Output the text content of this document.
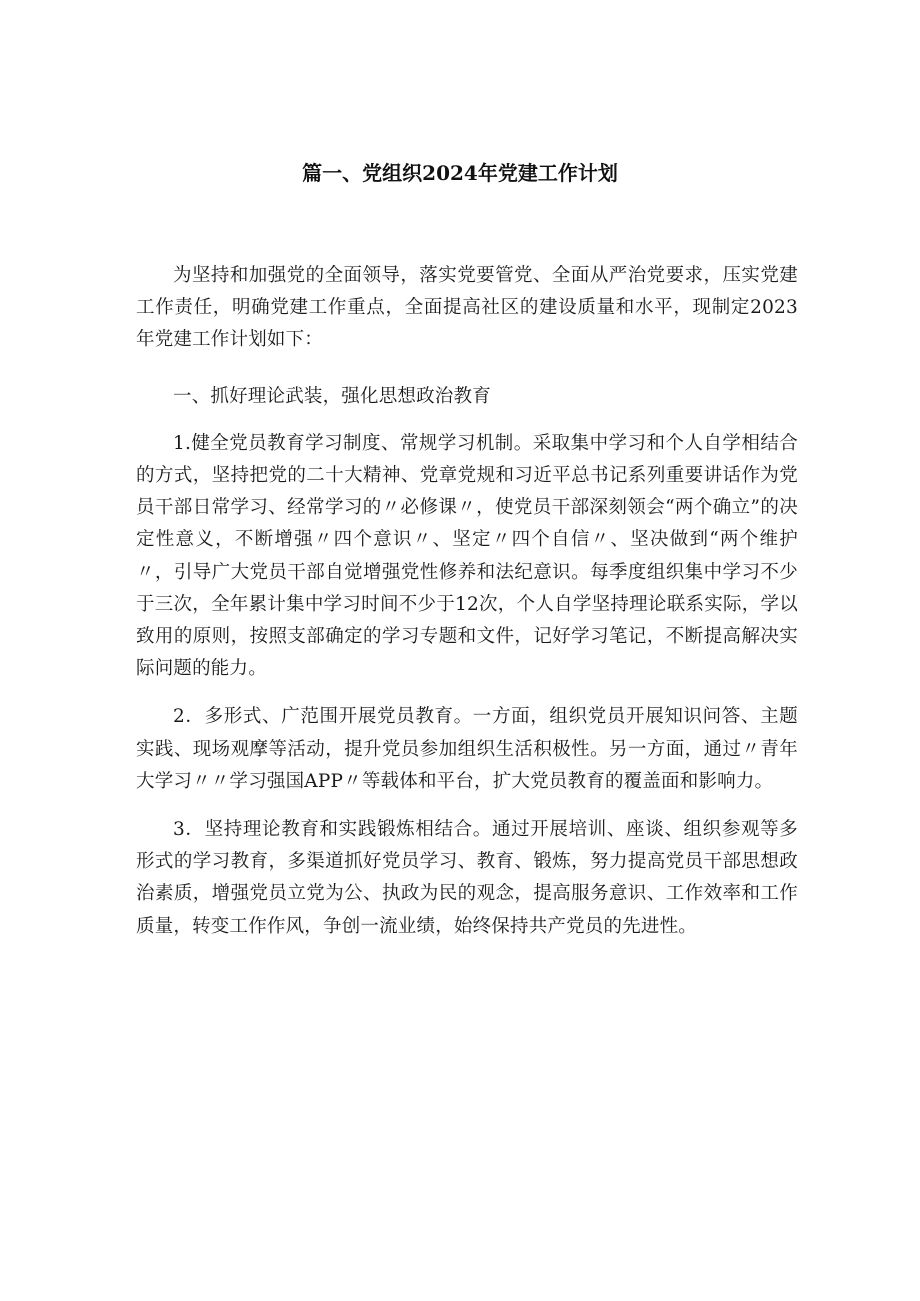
篇一、党组织2024年党建工作计划

为坚持和加强党的全面领导，落实党要管党、全面从严治党要求，压实党建工作责任，明确党建工作重点，全面提高社区的建设质量和水平，现制定2023年党建工作计划如下：

一、抓好理论武装，强化思想政治教育

1.健全党员教育学习制度、常规学习机制。采取集中学习和个人自学相结合的方式，坚持把党的二十大精神、党章党规和习近平总书记系列重要讲话作为党员干部日常学习、经常学习的〃必修课〃，使党员干部深刻领会“两个确立”的决定性意义，不断增强〃四个意识〃、坚定〃四个自信〃、坚决做到“两个维护〃，引导广大党员干部自觉增强党性修养和法纪意识。每季度组织集中学习不少于三次，全年累计集中学习时间不少于12次，个人自学坚持理论联系实际，学以致用的原则，按照支部确定的学习专题和文件，记好学习笔记，不断提高解决实际问题的能力。

2．多形式、广范围开展党员教育。一方面，组织党员开展知识问答、主题实践、现场观摩等活动，提升党员参加组织生活积极性。另一方面，通过〃青年大学习〃〃学习强国APP〃等载体和平台，扩大党员教育的覆盖面和影响力。

3．坚持理论教育和实践锻炼相结合。通过开展培训、座谈、组织参观等多形式的学习教育，多渠道抓好党员学习、教育、锻炼，努力提高党员干部思想政治素质，增强党员立党为公、执政为民的观念，提高服务意识、工作效率和工作质量，转变工作作风，争创一流业绩，始终保持共产党员的先进性。
